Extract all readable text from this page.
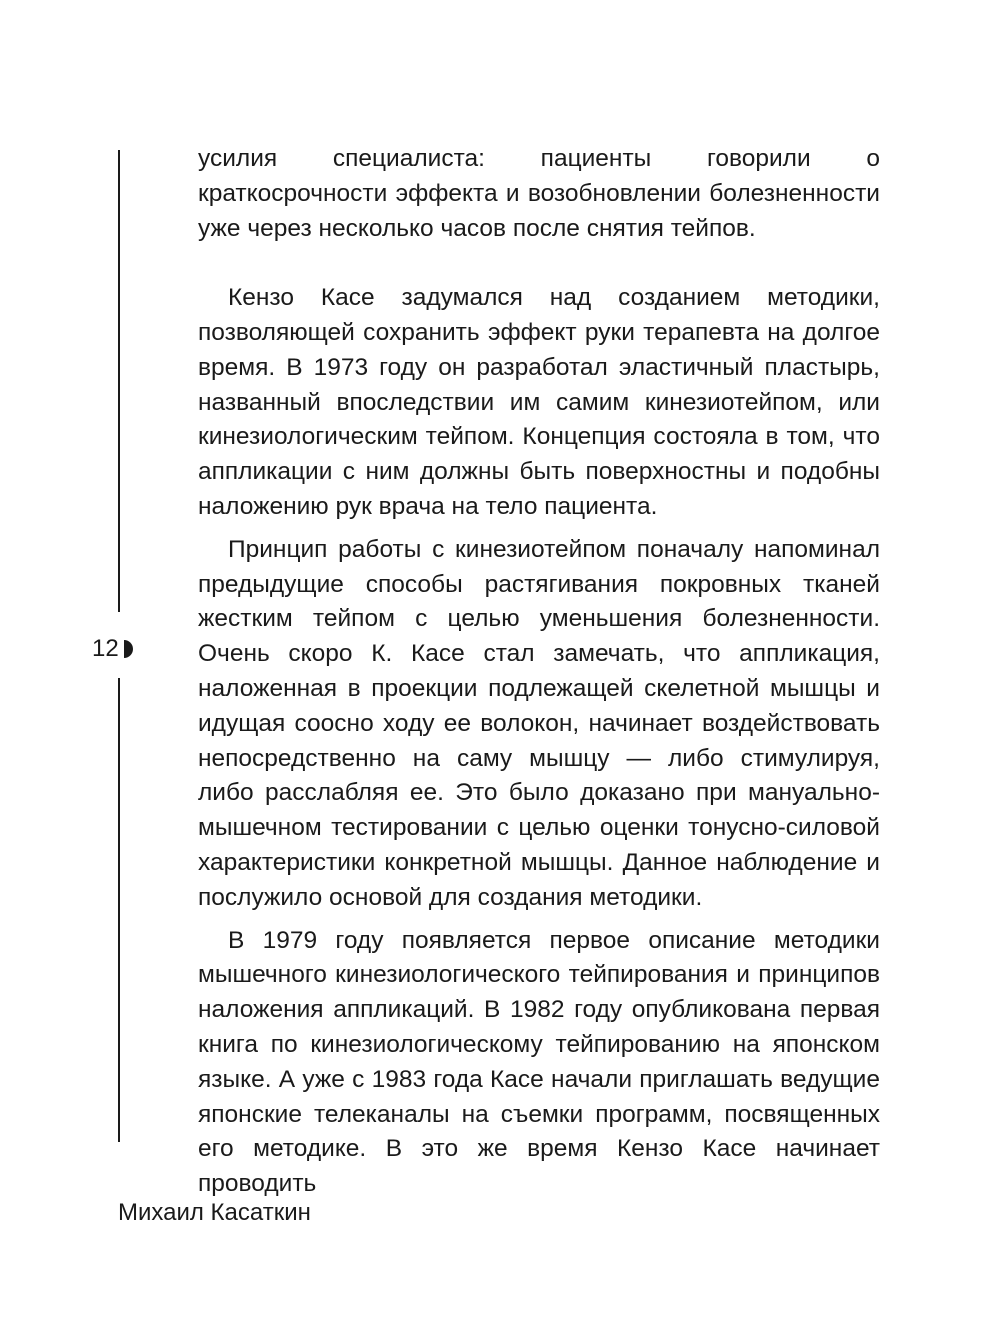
12

усилия специалиста: пациенты говорили о краткосрочности эффекта и возобновлении болезненности уже через несколько часов после снятия тейпов.

Кензо Касе задумался над созданием методики, позволяющей сохранить эффект руки терапевта на долгое время. В 1973 году он разработал эластичный пластырь, названный впоследствии им самим кинезиотейпом, или кинезиологическим тейпом. Концепция состояла в том, что аппликации с ним должны быть поверхностны и подобны наложению рук врача на тело пациента.

Принцип работы с кинезиотейпом поначалу напоминал предыдущие способы растягивания покровных тканей жестким тейпом с целью уменьшения болезненности. Очень скоро К. Касе стал замечать, что аппликация, наложенная в проекции подлежащей скелетной мышцы и идущая соосно ходу ее волокон, начинает воздействовать непосредственно на саму мышцу — либо стимулируя, либо расслабляя ее. Это было доказано при мануально-мышечном тестировании с целью оценки тонусно-силовой характеристики конкретной мышцы. Данное наблюдение и послужило основой для создания методики.

В 1979 году появляется первое описание методики мышечного кинезиологического тейпирования и принципов наложения аппликаций. В 1982 году опубликована первая книга по кинезиологическому тейпированию на японском языке. А уже с 1983 года Касе начали приглашать ведущие японские телеканалы на съемки программ, посвященных его методике. В это же время Кензо Касе начинает проводить

Михаил Касаткин
